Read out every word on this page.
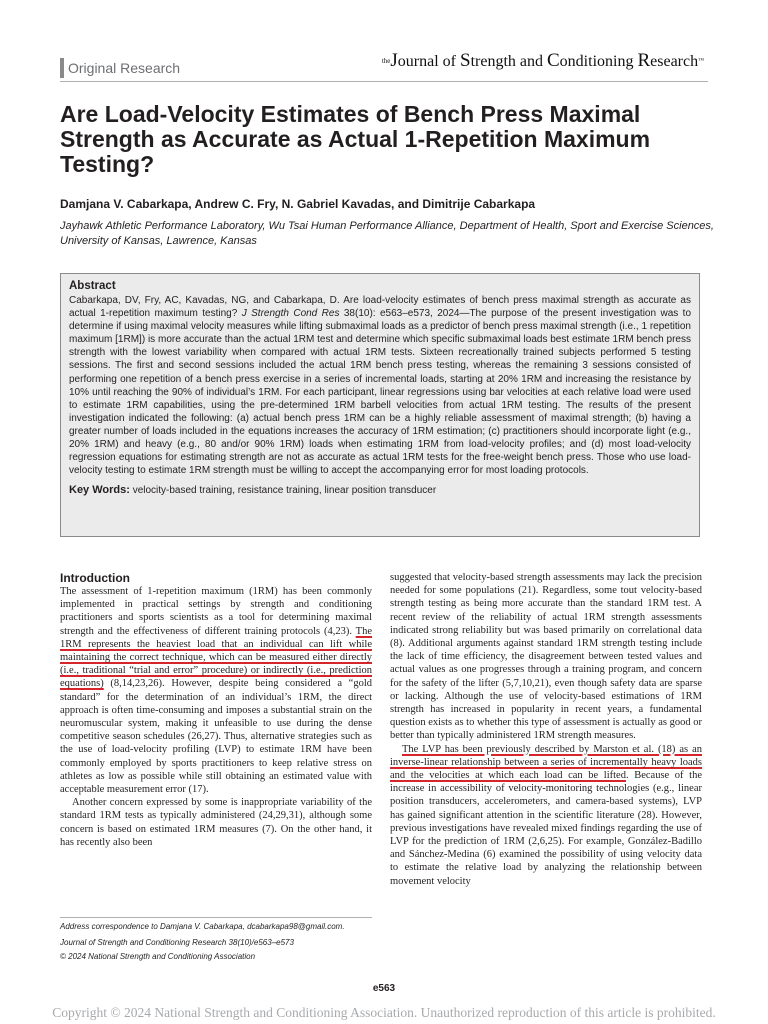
Original Research	$^{the}$Journal of Strength and Conditioning Research™
Are Load-Velocity Estimates of Bench Press Maximal Strength as Accurate as Actual 1-Repetition Maximum Testing?
Damjana V. Cabarkapa, Andrew C. Fry, N. Gabriel Kavadas, and Dimitrije Cabarkapa
Jayhawk Athletic Performance Laboratory, Wu Tsai Human Performance Alliance, Department of Health, Sport and Exercise Sciences, University of Kansas, Lawrence, Kansas
Abstract
Cabarkapa, DV, Fry, AC, Kavadas, NG, and Cabarkapa, D. Are load-velocity estimates of bench press maximal strength as accurate as actual 1-repetition maximum testing? J Strength Cond Res 38(10): e563–e573, 2024—The purpose of the present investigation was to determine if using maximal velocity measures while lifting submaximal loads as a predictor of bench press maximal strength (i.e., 1 repetition maximum [1RM]) is more accurate than the actual 1RM test and determine which specific submaximal loads best estimate 1RM bench press strength with the lowest variability when compared with actual 1RM tests. Sixteen recreationally trained subjects performed 5 testing sessions. The first and second sessions included the actual 1RM bench press testing, whereas the remaining 3 sessions consisted of performing one repetition of a bench press exercise in a series of incremental loads, starting at 20% 1RM and increasing the resistance by 10% until reaching the 90% of individual’s 1RM. For each participant, linear regressions using bar velocities at each relative load were used to estimate 1RM capabilities, using the pre-determined 1RM barbell velocities from actual 1RM testing. The results of the present investigation indicated the following: (a) actual bench press 1RM can be a highly reliable assessment of maximal strength; (b) having a greater number of loads included in the equations increases the accuracy of 1RM estimation; (c) practitioners should incorporate light (e.g., 20% 1RM) and heavy (e.g., 80 and/or 90% 1RM) loads when estimating 1RM from load-velocity profiles; and (d) most load-velocity regression equations for estimating strength are not as accurate as actual 1RM tests for the free-weight bench press. Those who use load-velocity testing to estimate 1RM strength must be willing to accept the accompanying error for most loading protocols.
Key Words: velocity-based training, resistance training, linear position transducer
Introduction

The assessment of 1-repetition maximum (1RM) has been commonly implemented in practical settings by strength and conditioning practitioners and sports scientists as a tool for determining maximal strength and the effectiveness of different training protocols (4,23). The 1RM represents the heaviest load that an individual can lift while maintaining the correct technique, which can be measured either directly (i.e., traditional “trial and error” procedure) or indirectly (i.e., prediction equations) (8,14,23,26). However, despite being considered a “gold standard” for the determination of an individual’s 1RM, the direct approach is often time-consuming and imposes a substantial strain on the neuromuscular system, making it unfeasible to use during the dense competitive season schedules (26,27). Thus, alternative strategies such as the use of load-velocity profiling (LVP) to estimate 1RM have been commonly employed by sports practitioners to keep relative stress on athletes as low as possible while still obtaining an estimated value with acceptable measurement error (17).

Another concern expressed by some is inappropriate variability of the standard 1RM tests as typically administered (24,29,31), although some concern is based on estimated 1RM measures (7). On the other hand, it has recently also been

suggested that velocity-based strength assessments may lack the precision needed for some populations (21). Regardless, some tout velocity-based strength testing as being more accurate than the standard 1RM test. A recent review of the reliability of actual 1RM strength assessments indicated strong reliability but was based primarily on correlational data (8). Additional arguments against standard 1RM strength testing include the lack of time efficiency, the disagreement between tested values and actual values as one progresses through a training program, and concern for the safety of the lifter (5,7,10,21), even though safety data are sparse or lacking. Although the use of velocity-based estimations of 1RM strength has increased in popularity in recent years, a fundamental question exists as to whether this type of assessment is actually as good or better than typically administered 1RM strength measures.

The LVP has been previously described by Marston et al. (18) as an inverse-linear relationship between a series of incrementally heavy loads and the velocities at which each load can be lifted. Because of the increase in accessibility of velocity-monitoring technologies (e.g., linear position transducers, accelerometers, and camera-based systems), LVP has gained significant attention in the scientific literature (28). However, previous investigations have revealed mixed findings regarding the use of LVP for the prediction of 1RM (2,6,25). For example, González-Badillo and Sánchez-Medina (6) examined the possibility of using velocity data to estimate the relative load by analyzing the relationship between movement velocity

Address correspondence to Damjana V. Cabarkapa, dcabarkapa98@gmail.com.
Journal of Strength and Conditioning Research 38(10)/e563–e573
© 2024 National Strength and Conditioning Association
e563
Copyright © 2024 National Strength and Conditioning Association. Unauthorized reproduction of this article is prohibited.
